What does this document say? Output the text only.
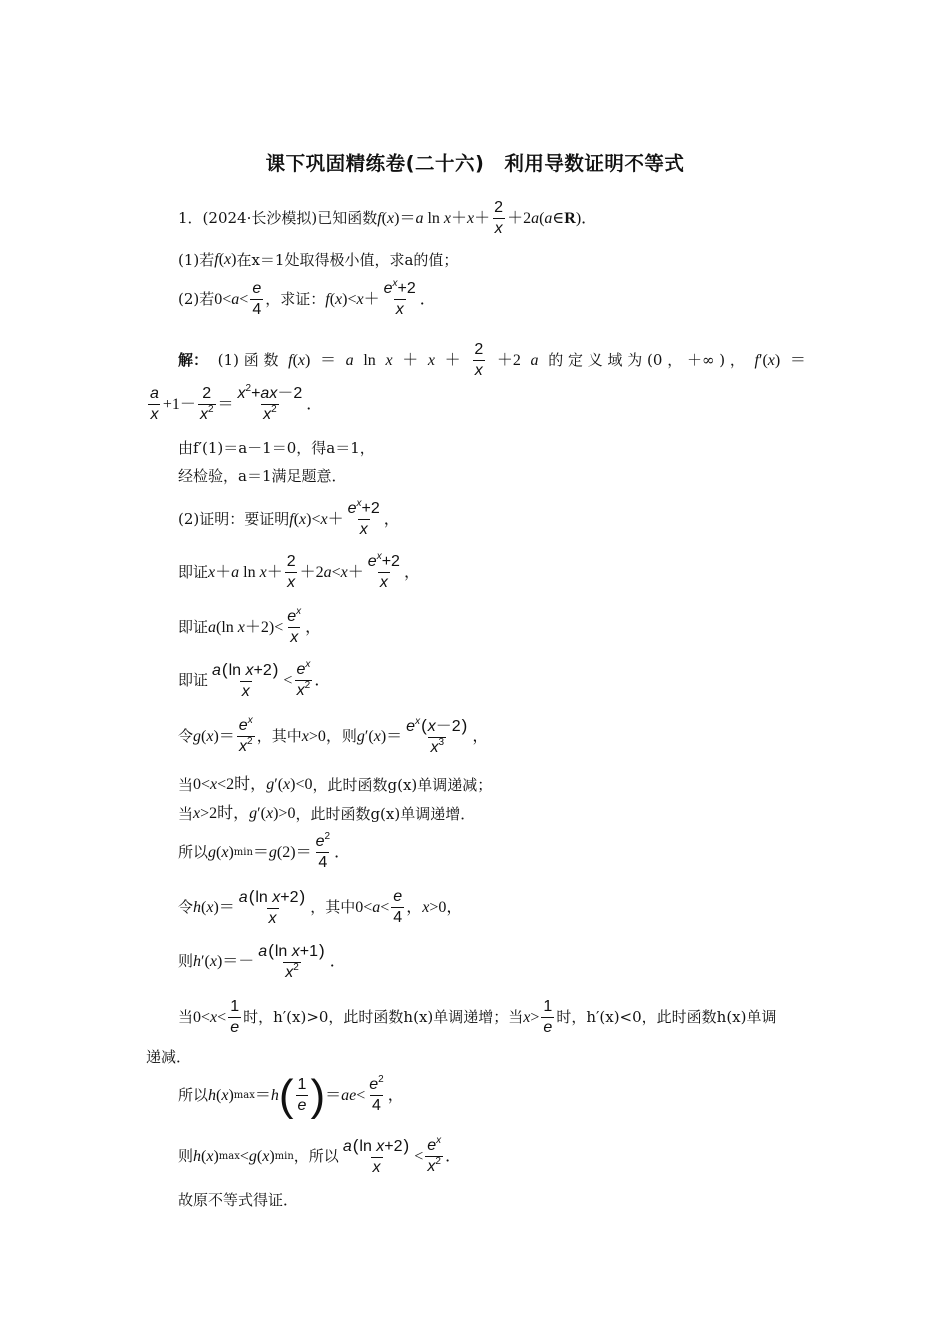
课下巩固精练卷(二十六)　利用导数证明不等式
1． (2024·长沙模拟) 已知函数 f ( x )＝ a $\ln x + x + \frac{2}{x} +2$ a ( a ∈ R )．
(1)若 f ( x ) 在x＝1处取得极小值，求a的值；
(2)若 $0< a < \frac{e}{4}$ ，求证： f ( x )< $x + \frac{e^x+2}{x}$ ．
解： (1) 函 数 f(x) ＝ a $\ln x + x + \frac{2}{x} +2$ a 的 定 义 域 为 (0 ， ＋∞ ) ， f′(x) ＝
$\frac{a}{x} +1- \frac{2}{x^2} = \frac{x^2+ax-2}{x^2}$ ．
由 f′(1)＝a－1＝0，得a＝1，
经检验，a＝1满足题意．
(2)证明：要证明 f ( x )< $x + \frac{e^x+2}{x}$ ，
即证 x ＋ a $\ln x + \frac{2}{x} +2$ $a < x + \frac{e^x+2}{x}$ ，
即证 a (ln $x +2)< \frac{e^x}{x}$ ，
即证 $\frac{\text{a(ln x+2)}}{x} < \frac{e^x}{x^2}$ ．
令 g ( x )＝ $\frac{e^x}{x^2}$ ，其中 x >0， 则 g ′( x )＝ $\frac{e^x(x-2)}{x^3}$ ，
当 0< x <2时， g ′( x )<0 ，此时函数g(x)单调递减；
当 x >2时， g ′( x )>0 ，此时函数g(x)单调递增．
所以 g ( x ) min ＝ g $(2)= \frac{e^2}{4}$ ．
令 h ( x )＝ $\frac{\text{a(ln x+2)}}{x}$ ，其中 $0< a < \frac{e}{4}$ ， x >0，
则 h ′( x )＝－ $\frac{\text{a(ln x+1)}}{x^2}$ ．
当 $0< x < \frac{1}{e}$ 时，h′(x)>0，此时函数h(x)单调递增；当 $x > \frac{1}{e}$ 时，h′(x)<0，此时函数h(x)单调
递减．
所以 h ( x ) max ＝ h ( $\frac{1}{e}$ ) ＝ ae < $\frac{e^2}{4}$ ，
则 h ( x ) max < g ( x ) min ，所以 $\frac{\text{a(ln x+2)}}{x} < \frac{e^x}{x^2}$ ．
故原不等式得证．
